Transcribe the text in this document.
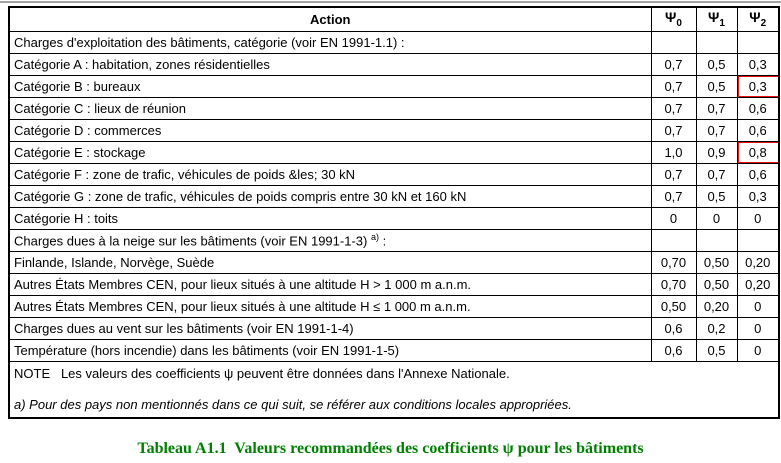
Action	$\Psi_0$	$\Psi_1$	$\Psi_2$
Charges d'exploitation des bâtiments, catégorie (voir EN 1991-1.1) :			
Catégorie A : habitation, zones résidentielles	0,7	0,5	0,3
Catégorie B : bureaux	0,7	0,5	0,3
Catégorie C : lieux de réunion	0,7	0,7	0,6
Catégorie D : commerces	0,7	0,7	0,6
Catégorie E : stockage	1,0	0,9	0,8
Catégorie F : zone de trafic, véhicules de poids &les; 30 kN	0,7	0,7	0,6
Catégorie G : zone de trafic, véhicules de poids compris entre 30 kN et 160 kN	0,7	0,5	0,3
Catégorie H : toits	0	0	0
Charges dues à la neige sur les bâtiments (voir EN 1991-1-3) $^{a)}$ :			
Finlande, Islande, Norvège, Suède	0,70	0,50	0,20
Autres États Membres CEN, pour lieux situés à une altitude H > 1 000 m a.n.m.	0,70	0,50	0,20
Autres États Membres CEN, pour lieux situés à une altitude H ≤ 1 000 m a.n.m.	0,50	0,20	0
Charges dues au vent sur les bâtiments (voir EN 1991-1-4)	0,6	0,2	0
Température (hors incendie) dans les bâtiments (voir EN 1991-1-5)	0,6	0,5	0

NOTE   Les valeurs des coefficients ψ peuvent être données dans l'Annexe Nationale.

a) Pour des pays non mentionnés dans ce qui suit, se référer aux conditions locales appropriées.			

Tableau A1.1  Valeurs recommandées des coefficients ψ pour les bâtiments
